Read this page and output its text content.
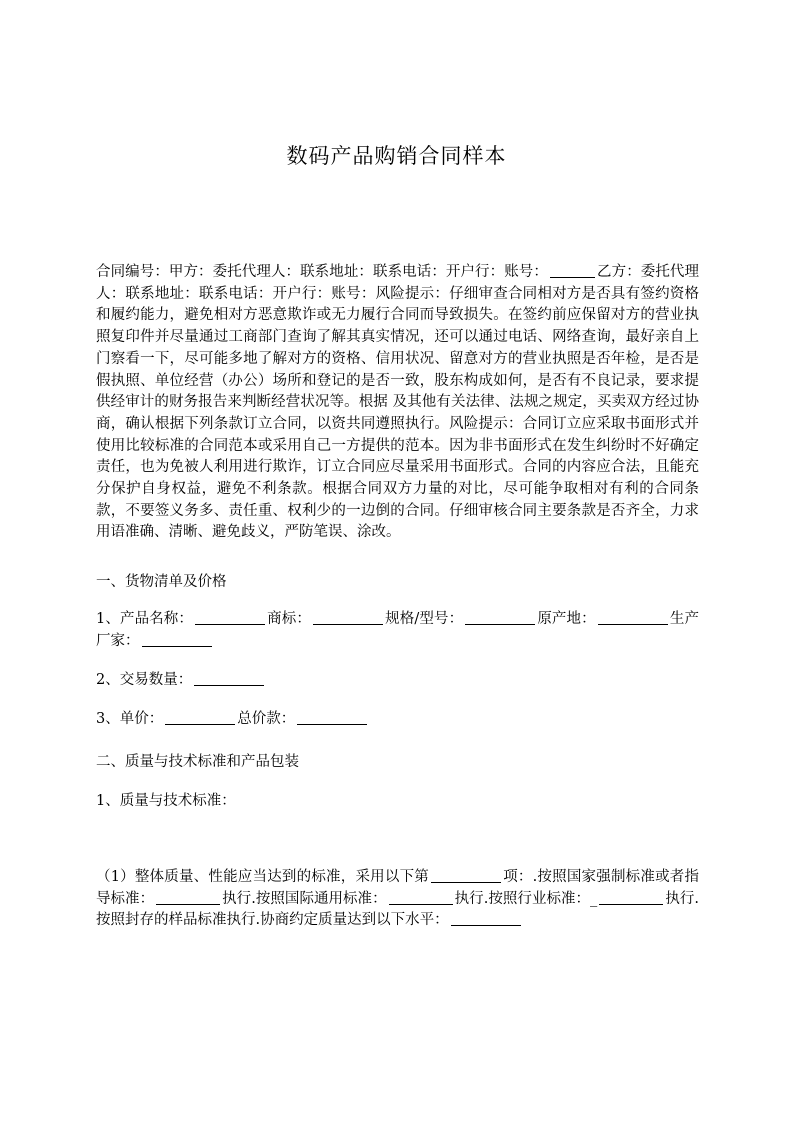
数码产品购销合同样本

合同编号：甲方：委托代理人：联系地址：联系电话：开户行：账号：	乙方：委托代理人：联系地址：联系电话：开户行：账号：风险提示：仔细审查合同相对方是否具有签约资格和履约能力，避免相对方恶意欺诈或无力履行合同而导致损失。在签约前应保留对方的营业执照复印件并尽量通过工商部门查询了解其真实情况，还可以通过电话、网络查询，最好亲自上门察看一下，尽可能多地了解对方的资格、信用状况、留意对方的营业执照是否年检，是否是假执照、单位经营（办公）场所和登记的是否一致，股东构成如何，是否有不良记录，要求提供经审计的财务报告来判断经营状况等。根据 及其他有关法律、法规之规定，买卖双方经过协商，确认根据下列条款订立合同，以资共同遵照执行。风险提示：合同订立应采取书面形式并使用比较标准的合同范本或采用自己一方提供的范本。因为非书面形式在发生纠纷时不好确定责任，也为免被人利用进行欺诈，订立合同应尽量采用书面形式。合同的内容应合法，且能充分保护自身权益，避免不利条款。根据合同双方力量的对比，尽可能争取相对有利的合同条款，不要签义务多、责任重、权利少的一边倒的合同。仔细审核合同主要条款是否齐全，力求用语准确、清晰、避免歧义，严防笔误、涂改。

一、货物清单及价格

1、产品名称：	商标：	规格/型号：	原产地：	生产厂家：

2、交易数量：

3、单价：	总价款：

二、质量与技术标准和产品包装

1、质量与技术标准：

（1）整体质量、性能应当达到的标准，采用以下第	项：.按照国家强制标准或者指导标准：	执行.按照国际通用标准：	执行.按照行业标准：_	执行.按照封存的样品标准执行.协商约定质量达到以下水平：
